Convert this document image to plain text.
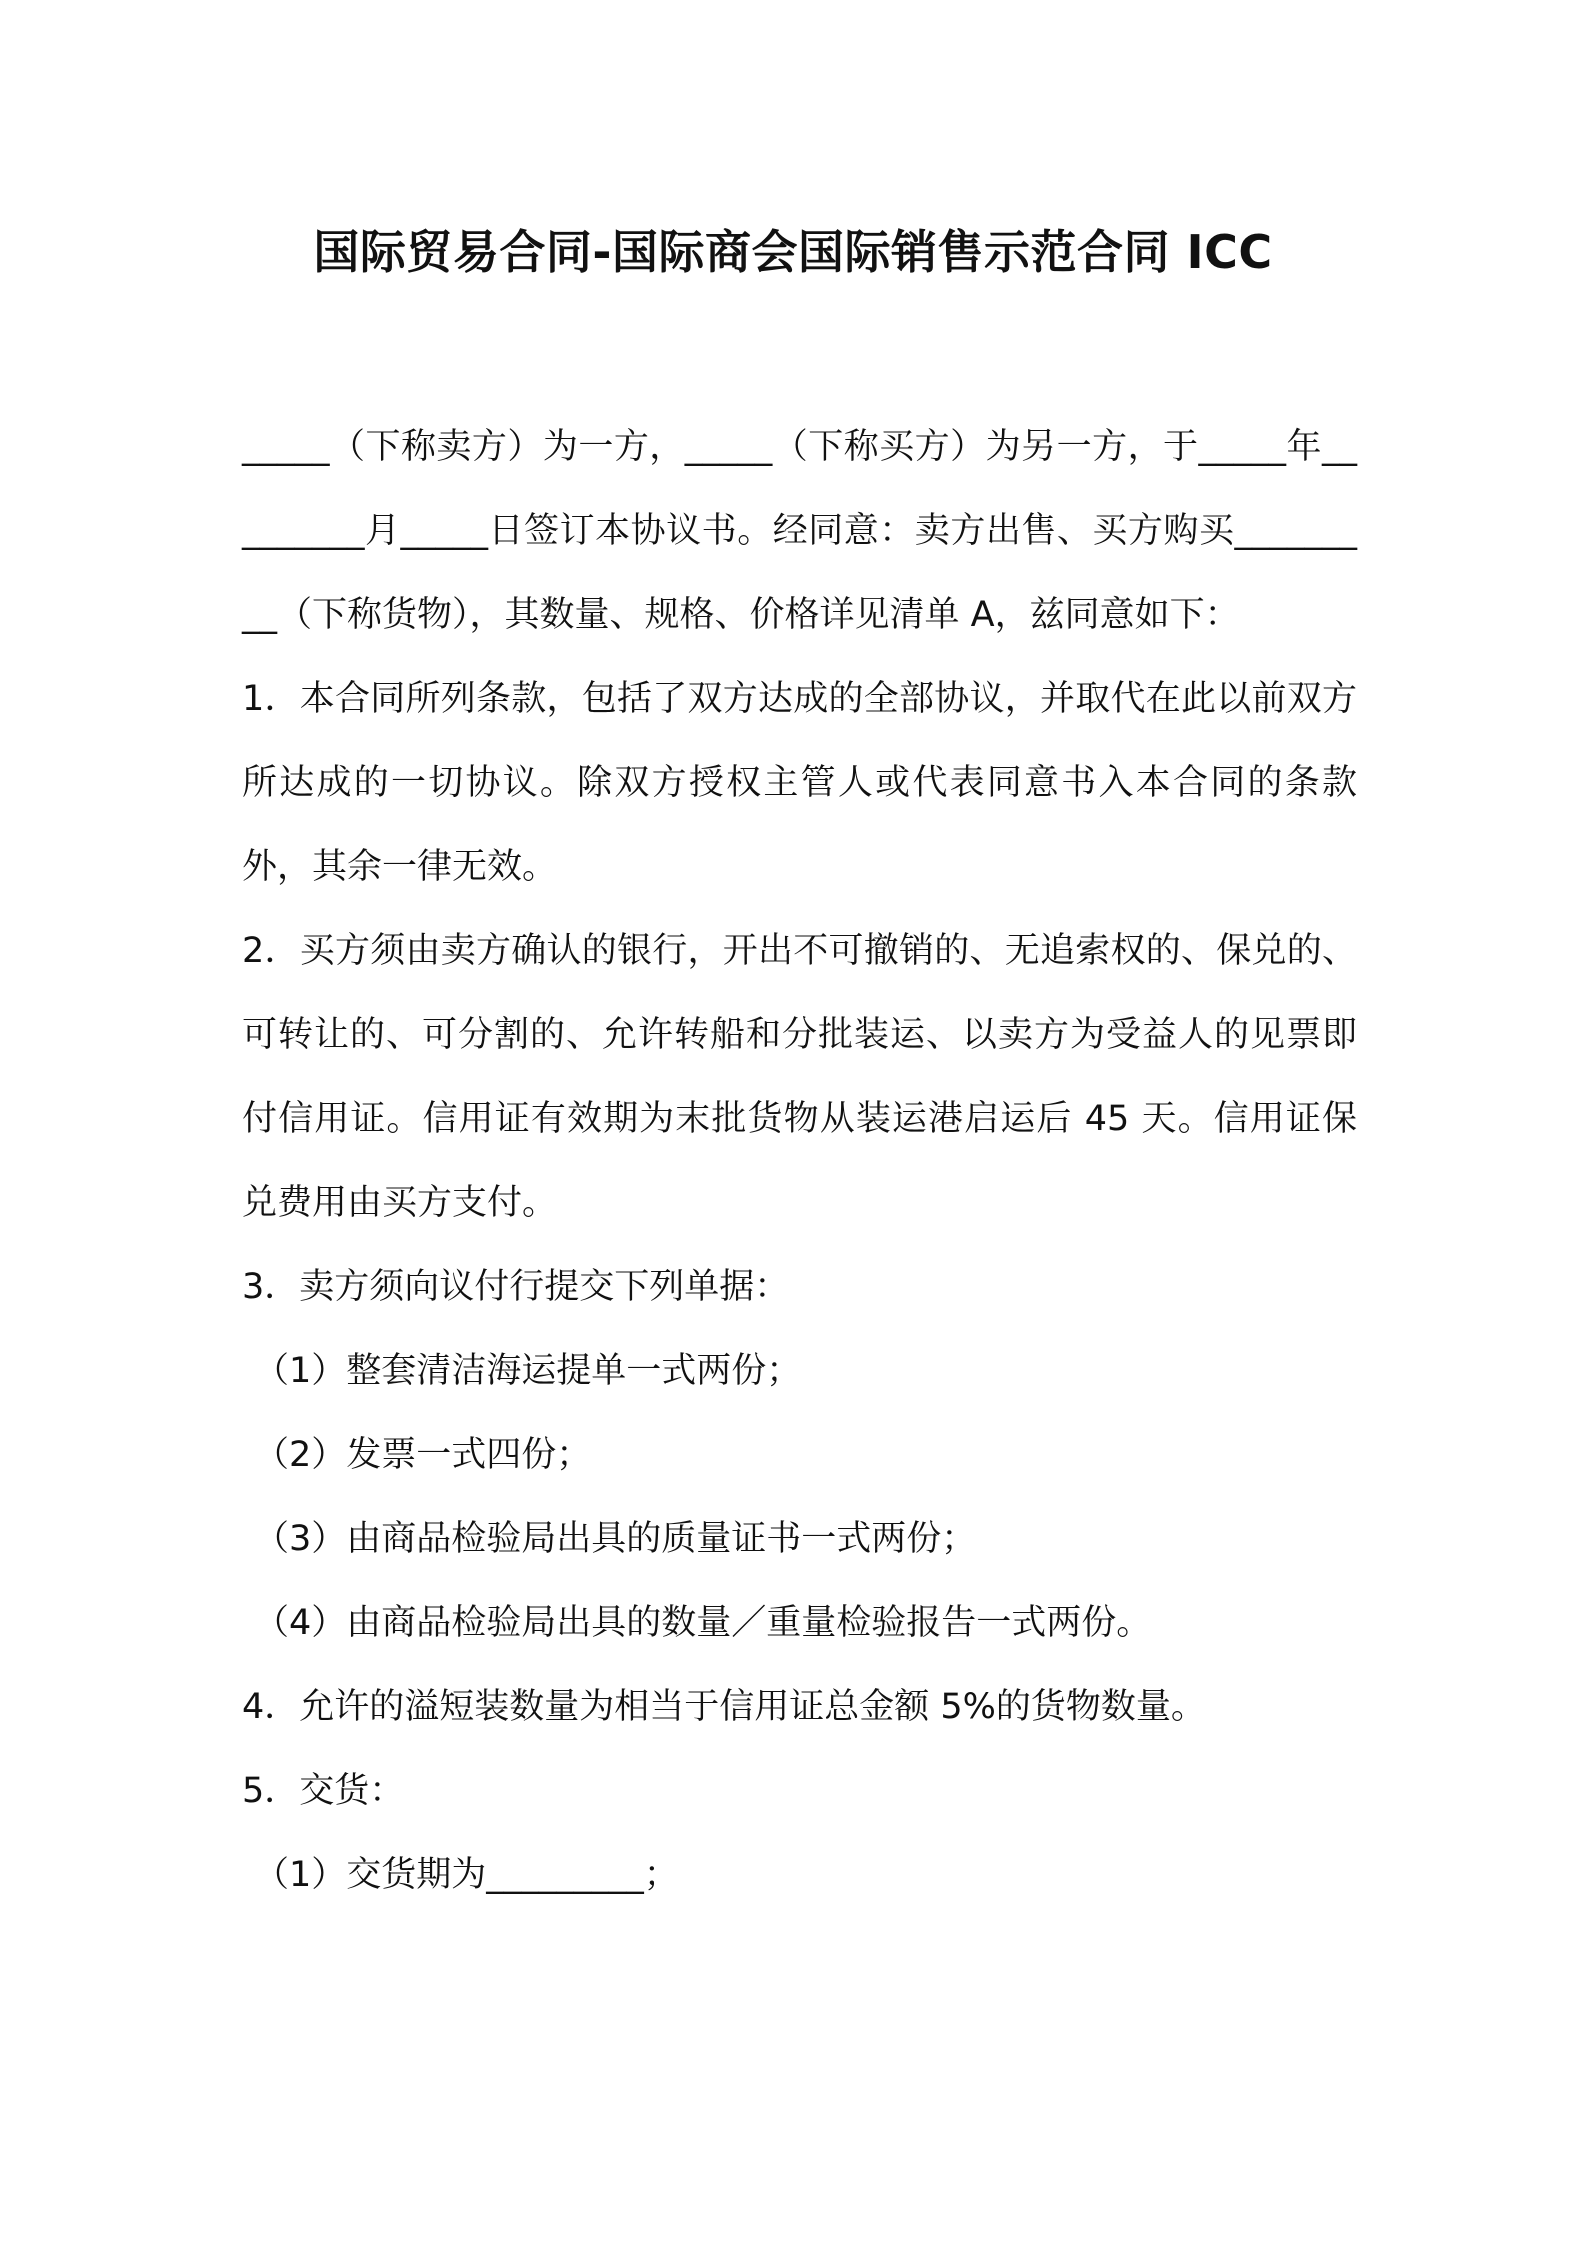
国际贸易合同-国际商会国际销售示范合同 ICC

_____（下称卖方）为一方，_____（下称买方）为另一方，于_____年_________月_____日签订本协议书。经同意：卖方出售、买方购买_________（下称货物），其数量、规格、价格详见清单 A，兹同意如下：

1．本合同所列条款，包括了双方达成的全部协议，并取代在此以前双方所达成的一切协议。除双方授权主管人或代表同意书入本合同的条款外，其余一律无效。

2．买方须由卖方确认的银行，开出不可撤销的、无追索权的、保兑的、可转让的、可分割的、允许转船和分批装运、以卖方为受益人的见票即付信用证。信用证有效期为末批货物从装运港启运后 45 天。信用证保兑费用由买方支付。

3．卖方须向议付行提交下列单据：

（1）整套清洁海运提单一式两份；

（2）发票一式四份；

（3）由商品检验局出具的质量证书一式两份；

（4）由商品检验局出具的数量／重量检验报告一式两份。

4．允许的溢短装数量为相当于信用证总金额 5%的货物数量。

5．交货：

（1）交货期为_________；
